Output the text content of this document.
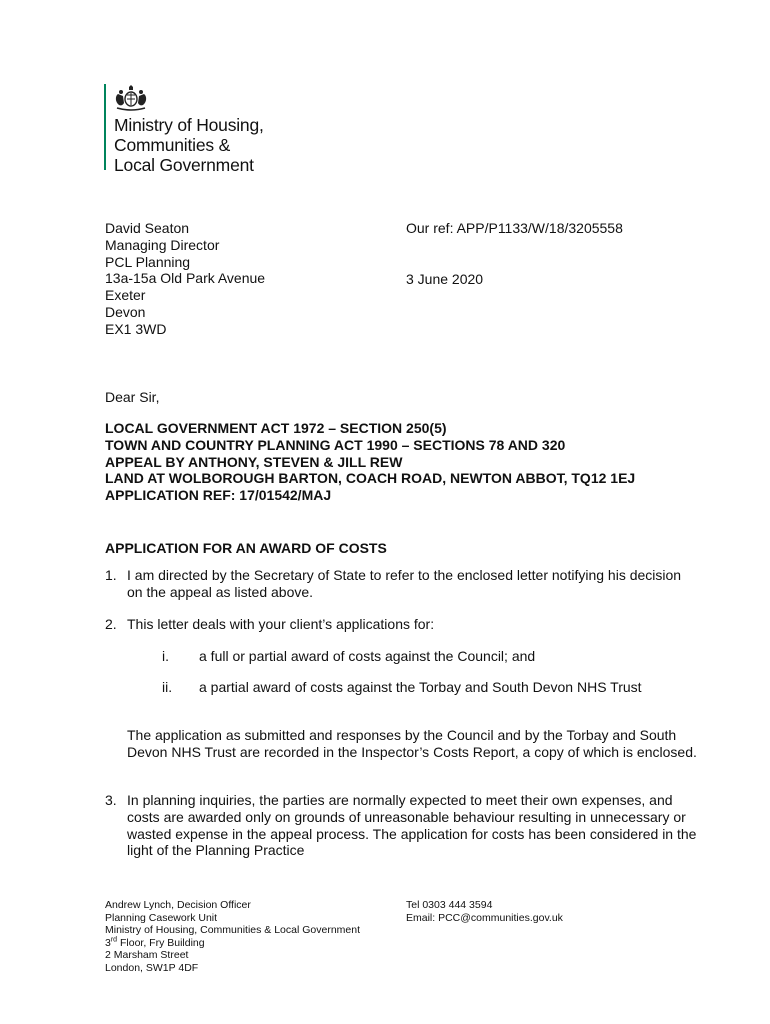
Ministry of Housing,
Communities &
Local Government
David Seaton
Managing Director
PCL Planning
13a-15a Old Park Avenue
Exeter
Devon
EX1 3WD
Our ref: APP/P1133/W/18/3205558
3 June 2020
Dear Sir,
LOCAL GOVERNMENT ACT 1972 – SECTION 250(5)
TOWN AND COUNTRY PLANNING ACT 1990 – SECTIONS 78 AND 320
APPEAL BY ANTHONY, STEVEN & JILL REW
LAND AT WOLBOROUGH BARTON, COACH ROAD, NEWTON ABBOT, TQ12 1EJ
APPLICATION REF: 17/01542/MAJ
APPLICATION FOR AN AWARD OF COSTS
1. I am directed by the Secretary of State to refer to the enclosed letter notifying his decision on the appeal as listed above.
2. This letter deals with your client’s applications for:
i.	a full or partial award of costs against the Council; and
ii.	a partial award of costs against the Torbay and South Devon NHS Trust
The application as submitted and responses by the Council and by the Torbay and South Devon NHS Trust are recorded in the Inspector’s Costs Report, a copy of which is enclosed.
3. In planning inquiries, the parties are normally expected to meet their own expenses, and costs are awarded only on grounds of unreasonable behaviour resulting in unnecessary or wasted expense in the appeal process. The application for costs has been considered in the light of the Planning Practice
Andrew Lynch, Decision Officer
Planning Casework Unit
Ministry of Housing, Communities & Local Government
3rd Floor, Fry Building
2 Marsham Street
London, SW1P 4DF
Tel 0303 444 3594
Email: PCC@communities.gov.uk
